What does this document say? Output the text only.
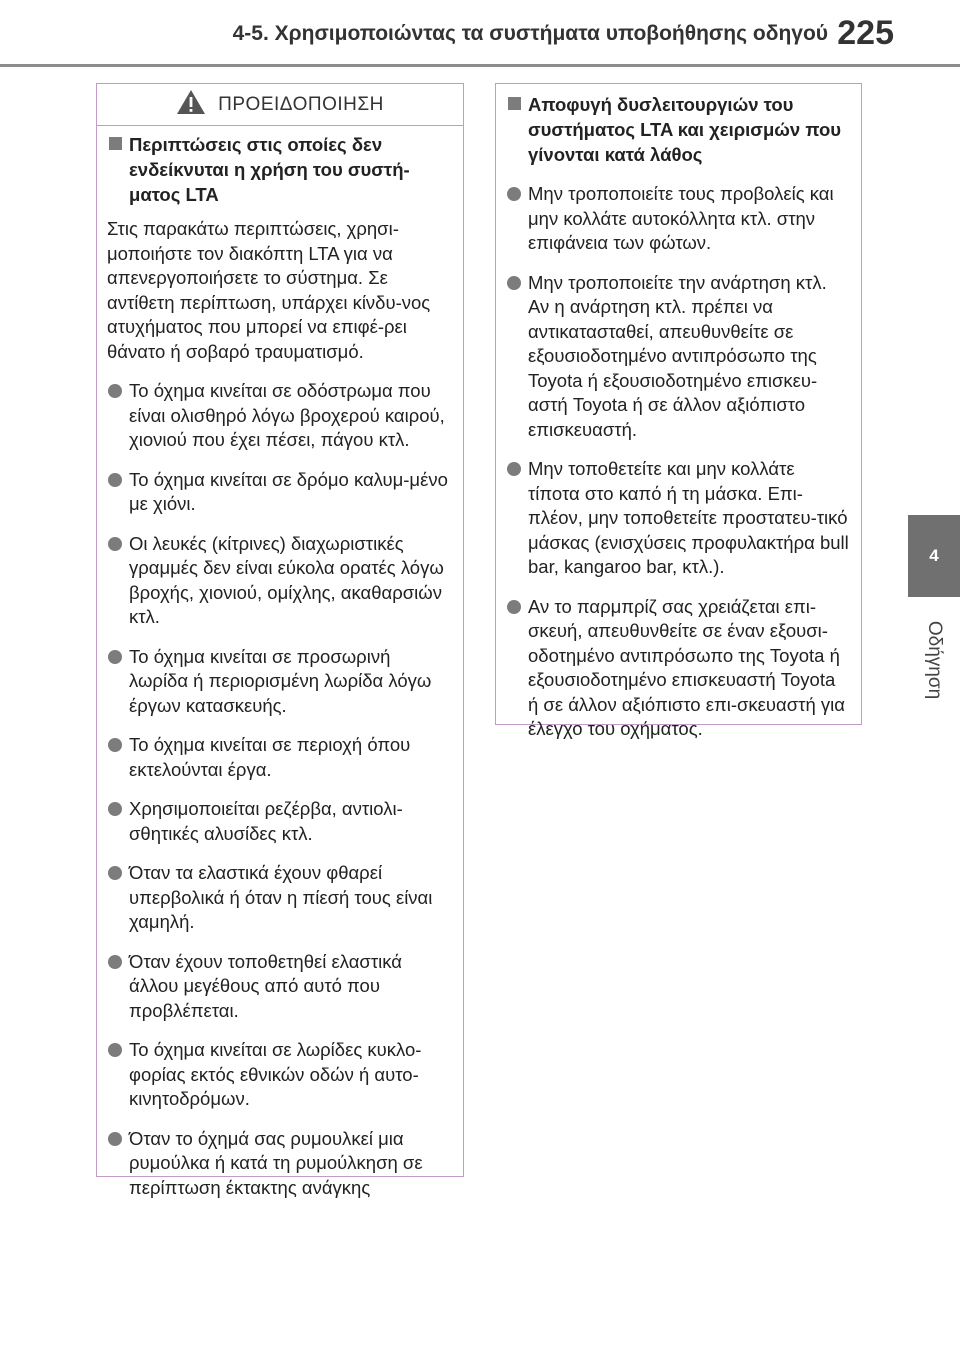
4-5. Χρησιμοποιώντας τα συστήματα υποβοήθησης οδηγού 225
4
Οδήγηση
ΠΡΟΕΙΔΟΠΟΙΗΣΗ
Περιπτώσεις στις οποίες δεν ενδείκνυται η χρήση του συστή-ματος LTA
Στις παρακάτω περιπτώσεις, χρησι-μοποιήστε τον διακόπτη LTA για να απενεργοποιήσετε το σύστημα. Σε αντίθετη περίπτωση, υπάρχει κίνδυ-νος ατυχήματος που μπορεί να επιφέ-ρει θάνατο ή σοβαρό τραυματισμό.
Το όχημα κινείται σε οδόστρωμα που είναι ολισθηρό λόγω βροχερού καιρού, χιονιού που έχει πέσει, πάγου κτλ.
Το όχημα κινείται σε δρόμο καλυμ-μένο με χιόνι.
Οι λευκές (κίτρινες) διαχωριστικές γραμμές δεν είναι εύκολα ορατές λόγω βροχής, χιονιού, ομίχλης, ακαθαρσιών κτλ.
Το όχημα κινείται σε προσωρινή λωρίδα ή περιορισμένη λωρίδα λόγω έργων κατασκευής.
Το όχημα κινείται σε περιοχή όπου εκτελούνται έργα.
Χρησιμοποιείται ρεζέρβα, αντιολι-σθητικές αλυσίδες κτλ.
Όταν τα ελαστικά έχουν φθαρεί υπερβολικά ή όταν η πίεσή τους είναι χαμηλή.
Όταν έχουν τοποθετηθεί ελαστικά άλλου μεγέθους από αυτό που προβλέπεται.
Το όχημα κινείται σε λωρίδες κυκλο-φορίας εκτός εθνικών οδών ή αυτο-κινητοδρόμων.
Όταν το όχημά σας ρυμουλκεί μια ρυμούλκα ή κατά τη ρυμούλκηση σε περίπτωση έκτακτης ανάγκης
Αποφυγή δυσλειτουργιών του συστήματος LTA και χειρισμών που γίνονται κατά λάθος
Μην τροποποιείτε τους προβολείς και μην κολλάτε αυτοκόλλητα κτλ. στην επιφάνεια των φώτων.
Μην τροποποιείτε την ανάρτηση κτλ. Αν η ανάρτηση κτλ. πρέπει να αντικατασταθεί, απευθυνθείτε σε εξουσιοδοτημένο αντιπρόσωπο της Toyota ή εξουσιοδοτημένο επισκευ-αστή Toyota ή σε άλλον αξιόπιστο επισκευαστή.
Μην τοποθετείτε και μην κολλάτε τίποτα στο καπό ή τη μάσκα. Επι-πλέον, μην τοποθετείτε προστατευ-τικό μάσκας (ενισχύσεις προφυλακτήρα bull bar, kangaroo bar, κτλ.).
Αν το παρμπρίζ σας χρειάζεται επι-σκευή, απευθυνθείτε σε έναν εξουσι-οδοτημένο αντιπρόσωπο της Toyota ή εξουσιοδοτημένο επισκευαστή Toyota ή σε άλλον αξιόπιστο επι-σκευαστή για έλεγχο του οχήματος.
